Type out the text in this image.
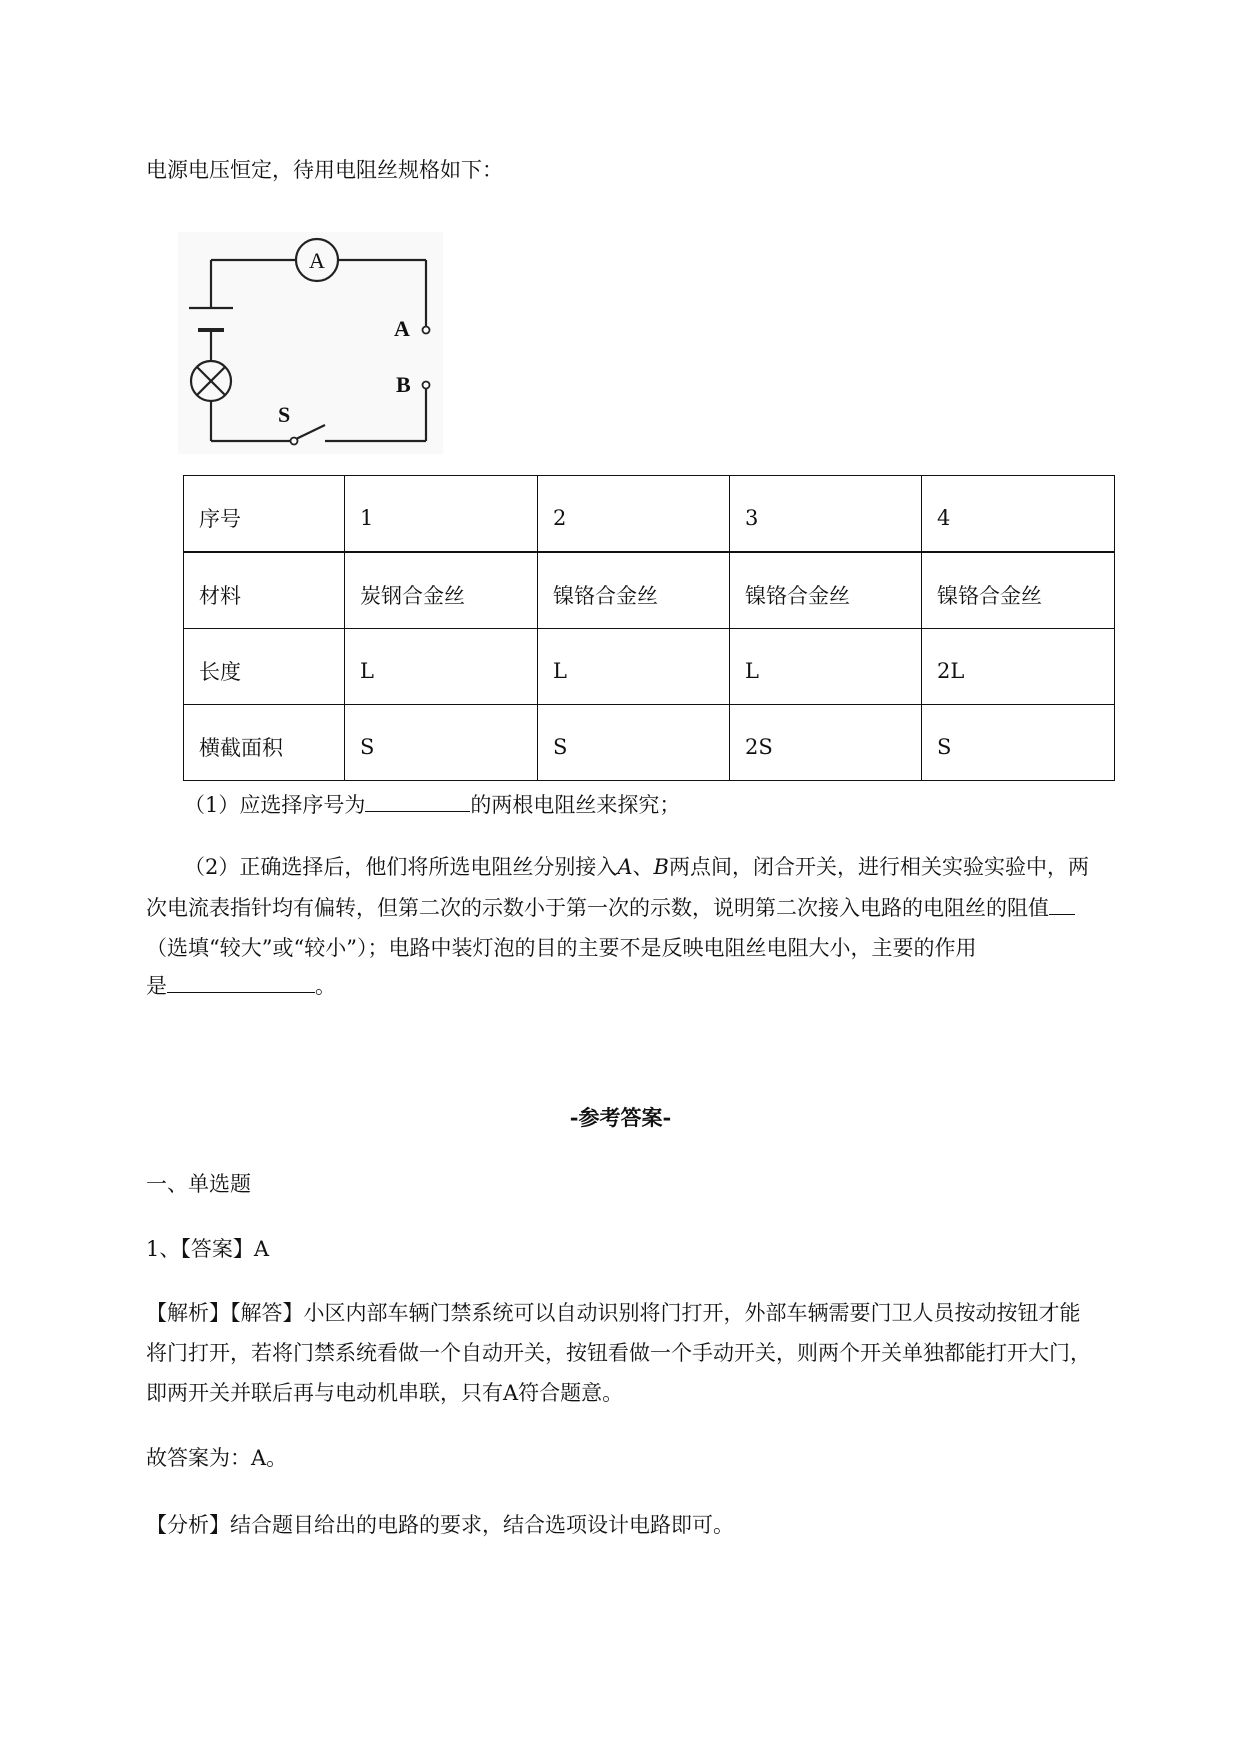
电源电压恒定，待用电阻丝规格如下：
A
A
B
S
序号	1	2	3	4
材料	炭钢合金丝	镍铬合金丝	镍铬合金丝	镍铬合金丝
长度	L	L	L	2L
横截面积	S	S	2S	S
（1）应选择序号为	的两根电阻丝来探究；
（2）正确选择后，他们将所选电阻丝分别接入A、B两点间，闭合开关，进行相关实验实验中，两
次电流表指针均有偏转，但第二次的示数小于第一次的示数，说明第二次接入电路的电阻丝的阻值
（选填“较大”或“较小”）；电路中装灯泡的目的主要不是反映电阻丝电阻大小，主要的作用
是	。
-参考答案-
一、单选题
1、【答案】A
【解析】【解答】小区内部车辆门禁系统可以自动识别将门打开，外部车辆需要门卫人员按动按钮才能
将门打开，若将门禁系统看做一个自动开关，按钮看做一个手动开关，则两个开关单独都能打开大门，
即两开关并联后再与电动机串联，只有A符合题意。
故答案为：A。
【分析】结合题目给出的电路的要求，结合选项设计电路即可。
